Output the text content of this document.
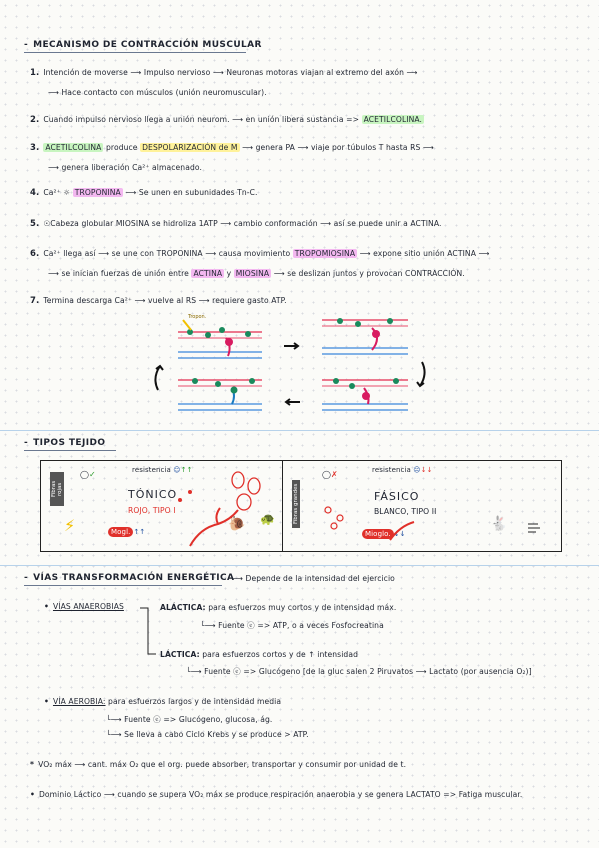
- MECANISMO DE CONTRACCIÓN MUSCULAR
1. Intención de moverse ⟶ Impulso nervioso ⟶ Neuronas motoras viajan al extremo del axón ⟶
⟶ Hace contacto con músculos (unión neuromuscular).
2. Cuando impulso nervioso llega a unión neurom. ⟶ en unión libera sustancia => ACETILCOLINA.
3. ACETILCOLINA produce DESPOLARIZACIÓN de M ⟶ genera PA ⟶ viaje por túbulos T hasta RS ⟶
⟶ genera liberación Ca²⁺ almacenado.
4. Ca²⁺ ☼ TROPONINA ⟶ Se unen en subunidades Tn-C.
5. ☉Cabeza globular MIOSINA se hidroliza 1ATP ⟶ cambio conformación ⟶ así se puede unir a ACTINA.
6. Ca²⁺ llega así ⟶ se une con TROPONINA ⟶ causa movimiento TROPOMIOSINA ⟶ expone sitio unión ACTINA ⟶
⟶ se inician fuerzas de unión entre ACTINA y MIOSINA ⟶ se deslizan juntos y provocan CONTRACCIÓN.
7. Termina descarga Ca²⁺ ⟶ vuelve al RS ⟶ requiere gasto ATP.
Tropon.
- TIPOS TEJIDO
Fibras rojas
resistencia ☺↑↑
◯✓
TÓNICO
ROJO, TIPO I
⚡	Mogl. ↑↑	🐌 🐢	Fibras grandes
resistencia ☹↓↓
◯✗
FÁSICO
BLANCO, TIPO II
Mioglo. ↓↓
🐇
- VÍAS TRANSFORMACIÓN ENERGÉTICA
⟶ Depende de la intensidad del ejercicio
• VÍAS ANAEROBIAS	ALÁCTICA: para esfuerzos muy cortos y de intensidad máx.
└⟶ Fuente ⓔ => ATP, o a veces Fosfocreatina
LÁCTICA: para esfuerzos cortos y de ↑ intensidad
└⟶ Fuente ⓔ => Glucógeno [de la gluc salen 2 Piruvatos ⟶ Lactato (por ausencia O₂)]
• VÍA AEROBIA: para esfuerzos largos y de intensidad media
└⟶ Fuente ⓔ => Glucógeno, glucosa, ág.
└⟶ Se lleva a cabo Ciclo Krebs y se produce > ATP.
* VO₂ máx ⟶ cant. máx O₂ que el org. puede absorber, transportar y consumir por unidad de t.
• Dominio Láctico ⟶ cuando se supera VO₂ máx se produce respiración anaerobia y se genera LACTATO => Fatiga muscular.
